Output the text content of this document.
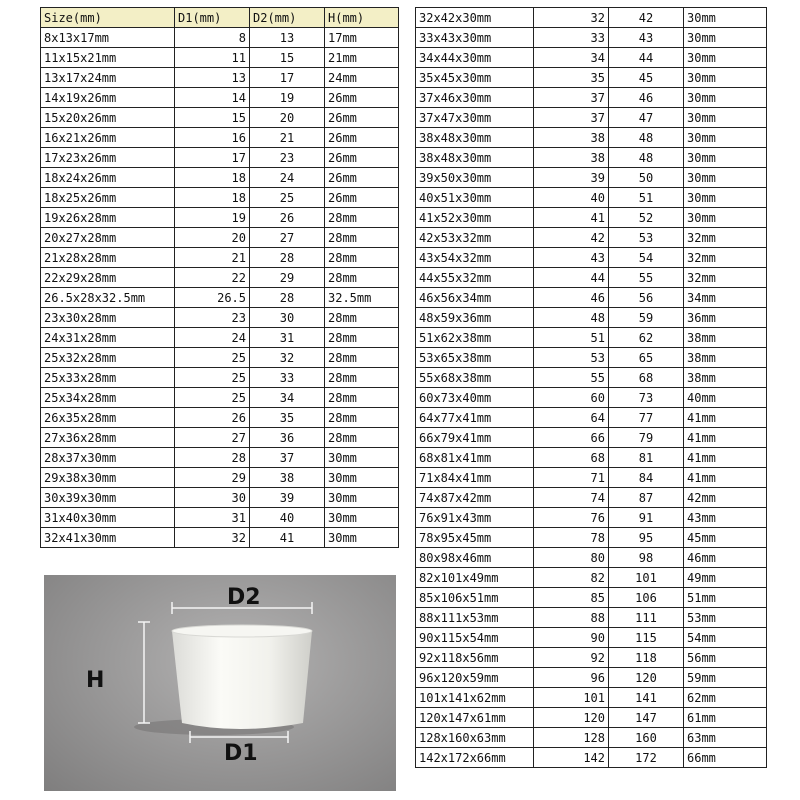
Size(mm)	D1(mm)	D2(mm)	H(mm)
8x13x17mm	8	13	17mm
11x15x21mm	11	15	21mm
13x17x24mm	13	17	24mm
14x19x26mm	14	19	26mm
15x20x26mm	15	20	26mm
16x21x26mm	16	21	26mm
17x23x26mm	17	23	26mm
18x24x26mm	18	24	26mm
18x25x26mm	18	25	26mm
19x26x28mm	19	26	28mm
20x27x28mm	20	27	28mm
21x28x28mm	21	28	28mm
22x29x28mm	22	29	28mm
26.5x28x32.5mm	26.5	28	32.5mm
23x30x28mm	23	30	28mm
24x31x28mm	24	31	28mm
25x32x28mm	25	32	28mm
25x33x28mm	25	33	28mm
25x34x28mm	25	34	28mm
26x35x28mm	26	35	28mm
27x36x28mm	27	36	28mm
28x37x30mm	28	37	30mm
29x38x30mm	29	38	30mm
30x39x30mm	30	39	30mm
31x40x30mm	31	40	30mm
32x41x30mm	32	41	30mm
32x42x30mm	32	42	30mm
33x43x30mm	33	43	30mm
34x44x30mm	34	44	30mm
35x45x30mm	35	45	30mm
37x46x30mm	37	46	30mm
37x47x30mm	37	47	30mm
38x48x30mm	38	48	30mm
38x48x30mm	38	48	30mm
39x50x30mm	39	50	30mm
40x51x30mm	40	51	30mm
41x52x30mm	41	52	30mm
42x53x32mm	42	53	32mm
43x54x32mm	43	54	32mm
44x55x32mm	44	55	32mm
46x56x34mm	46	56	34mm
48x59x36mm	48	59	36mm
51x62x38mm	51	62	38mm
53x65x38mm	53	65	38mm
55x68x38mm	55	68	38mm
60x73x40mm	60	73	40mm
64x77x41mm	64	77	41mm
66x79x41mm	66	79	41mm
68x81x41mm	68	81	41mm
71x84x41mm	71	84	41mm
74x87x42mm	74	87	42mm
76x91x43mm	76	91	43mm
78x95x45mm	78	95	45mm
80x98x46mm	80	98	46mm
82x101x49mm	82	101	49mm
85x106x51mm	85	106	51mm
88x111x53mm	88	111	53mm
90x115x54mm	90	115	54mm
92x118x56mm	92	118	56mm
96x120x59mm	96	120	59mm
101x141x62mm	101	141	62mm
120x147x61mm	120	147	61mm
128x160x63mm	128	160	63mm
142x172x66mm	142	172	66mm
D2
H
D1
